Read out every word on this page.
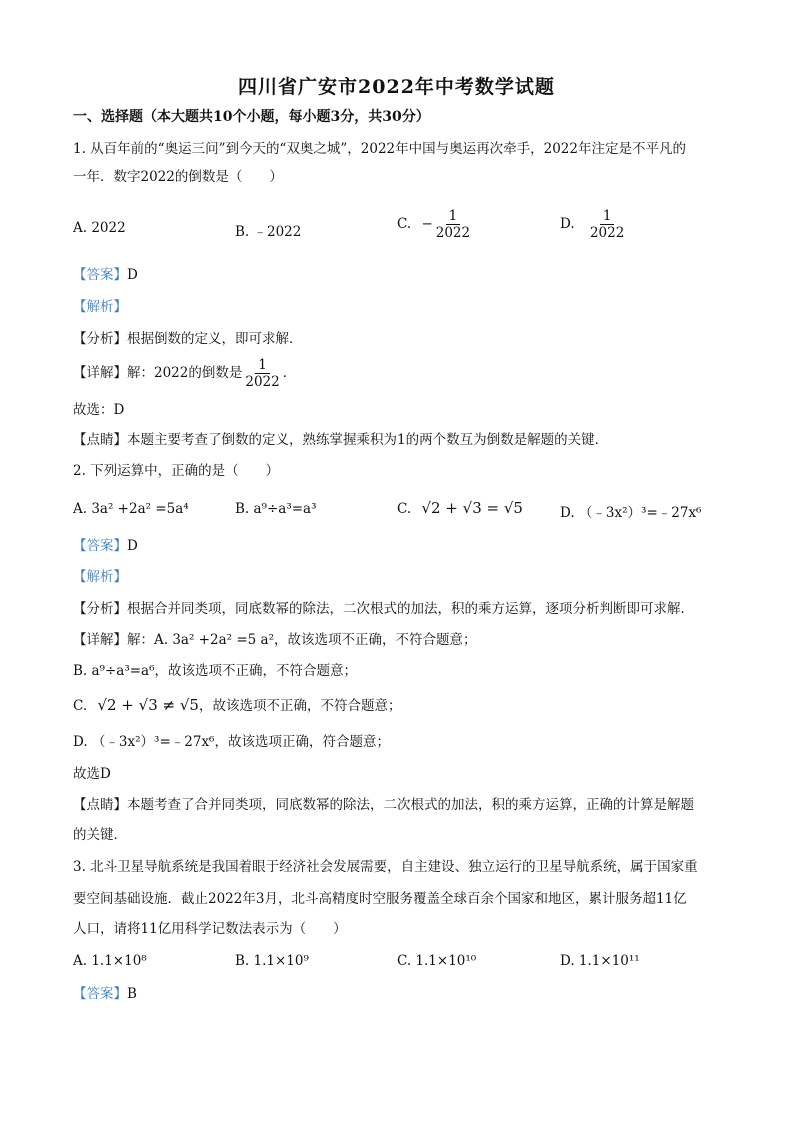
四川省广安市2022年中考数学试题
一、选择题（本大题共10个小题，每小题3分，共30分）
1. 从百年前的“奥运三问”到今天的“双奥之城”，2022年中国与奥运再次牵手，2022年注定是不平凡的
一年．数字2022的倒数是（　　）
A. 2022	B. ﹣2022	C. − $\frac{1}{2022}$	D. $\frac{1}{2022}$
【答案】D
【解析】
【分析】根据倒数的定义，即可求解．
【详解】解：2022的倒数是 $\frac{1}{2022}$ ．
故选：D
【点睛】本题主要考查了倒数的定义，熟练掌握乘积为1的两个数互为倒数是解题的关键．
2. 下列运算中，正确的是（　　）
A. 3a² +2a² =5a⁴	B. a⁹÷a³=a³	C. √2 + √3 = √5	D. （﹣3x²）³=﹣27x⁶
【答案】D
【解析】
【分析】根据合并同类项，同底数幂的除法，二次根式的加法，积的乘方运算，逐项分析判断即可求解．
【详解】解：A. 3a² +2a² =5 a²，故该选项不正确，不符合题意；
B. a⁹÷a³=a⁶，故该选项不正确，不符合题意；
C. √2 + √3 ≠ √5，故该选项不正确，不符合题意；
D. （﹣3x²）³=﹣27x⁶，故该选项正确，符合题意；
故选D
【点睛】本题考查了合并同类项，同底数幂的除法，二次根式的加法，积的乘方运算，正确的计算是解题
的关键．
3. 北斗卫星导航系统是我国着眼于经济社会发展需要，自主建设、独立运行的卫星导航系统，属于国家重
要空间基础设施．截止2022年3月，北斗高精度时空服务覆盖全球百余个国家和地区，累计服务超11亿
人口，请将11亿用科学记数法表示为（　　）
A. 1.1×10⁸	B. 1.1×10⁹	C. 1.1×10¹⁰	D. 1.1×10¹¹
【答案】B
